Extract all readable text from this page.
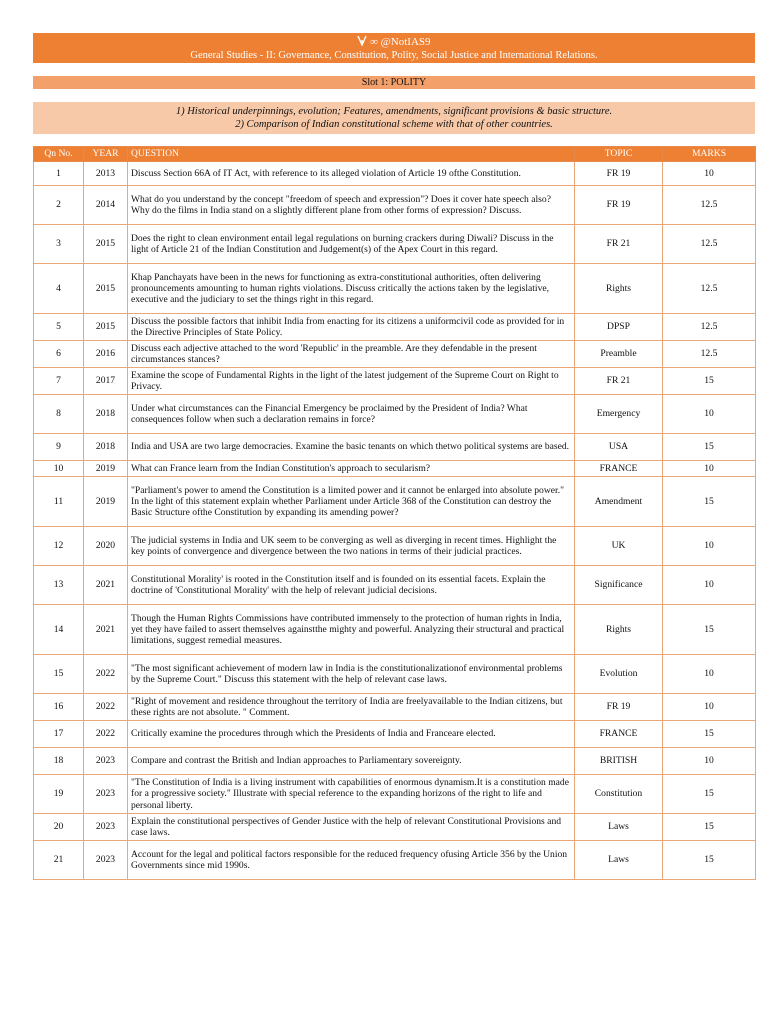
∞ @NotIAS9
General Studies - II: Governance, Constitution, Polity, Social Justice and International Relations.
Slot 1: POLITY
1) Historical underpinnings, evolution; Features, amendments, significant provisions & basic structure.
2) Comparison of Indian constitutional scheme with that of other countries.
Qn No.	YEAR	QUESTION	TOPIC	MARKS
1	2013	Discuss Section 66A of IT Act, with reference to its alleged violation of Article 19 ofthe Constitution.	FR 19	10
2	2014	What do you understand by the concept "freedom of speech and expression"? Does it cover hate speech also? Why do the films in India stand on a slightly different plane from other forms of expression? Discuss.	FR 19	12.5
3	2015	Does the right to clean environment entail legal regulations on burning crackers during Diwali? Discuss in the light of Article 21 of the Indian Constitution and Judgement(s) of the Apex Court in this regard.	FR 21	12.5
4	2015	Khap Panchayats have been in the news for functioning as extra-constitutional authorities, often delivering pronouncements amounting to human rights violations. Discuss critically the actions taken by the legislative, executive and the judiciary to set the things right in this regard.	Rights	12.5
5	2015	Discuss the possible factors that inhibit India from enacting for its citizens a uniformcivil code as provided for in the Directive Principles of State Policy.	DPSP	12.5
6	2016	Discuss each adjective attached to the word 'Republic' in the preamble. Are they defendable in the present circumstances stances?	Preamble	12.5
7	2017	Examine the scope of Fundamental Rights in the light of the latest judgement of the Supreme Court on Right to Privacy.	FR 21	15
8	2018	Under what circumstances can the Financial Emergency be proclaimed by the President of India? What consequences follow when such a declaration remains in force?	Emergency	10
9	2018	India and USA are two large democracies. Examine the basic tenants on which thetwo political systems are based.	USA	15
10	2019	What can France learn from the Indian Constitution's approach to secularism?	FRANCE	10
11	2019	"Parliament's power to amend the Constitution is a limited power and it cannot be enlarged into absolute power." In the light of this statement explain whether Parliament under Article 368 of the Constitution can destroy the Basic Structure ofthe Constitution by expanding its amending power?	Amendment	15
12	2020	The judicial systems in India and UK seem to be converging as well as diverging in recent times. Highlight the key points of convergence and divergence between the two nations in terms of their judicial practices.	UK	10
13	2021	Constitutional Morality' is rooted in the Constitution itself and is founded on its essential facets. Explain the doctrine of 'Constitutional Morality' with the help of relevant judicial decisions.	Significance	10
14	2021	Though the Human Rights Commissions have contributed immensely to the protection of human rights in India, yet they have failed to assert themselves againstthe mighty and powerful. Analyzing their structural and practical limitations, suggest remedial measures.	Rights	15
15	2022	"The most significant achievement of modern law in India is the constitutionalizationof environmental problems by the Supreme Court." Discuss this statement with the help of relevant case laws.	Evolution	10
16	2022	"Right of movement and residence throughout the territory of India are freelyavailable to the Indian citizens, but these rights are not absolute. " Comment.	FR 19	10
17	2022	Critically examine the procedures through which the Presidents of India and Franceare elected.	FRANCE	15
18	2023	Compare and contrast the British and Indian approaches to Parliamentary sovereignty.	BRITISH	10
19	2023	"The Constitution of India is a living instrument with capabilities of enormous dynamism.It is a constitution made for a progressive society." Illustrate with special reference to the expanding horizons of the right to life and personal liberty.	Constitution	15
20	2023	Explain the constitutional perspectives of Gender Justice with the help of relevant Constitutional Provisions and case laws.	Laws	15
21	2023	Account for the legal and political factors responsible for the reduced frequency ofusing Article 356 by the Union Governments since mid 1990s.	Laws	15
